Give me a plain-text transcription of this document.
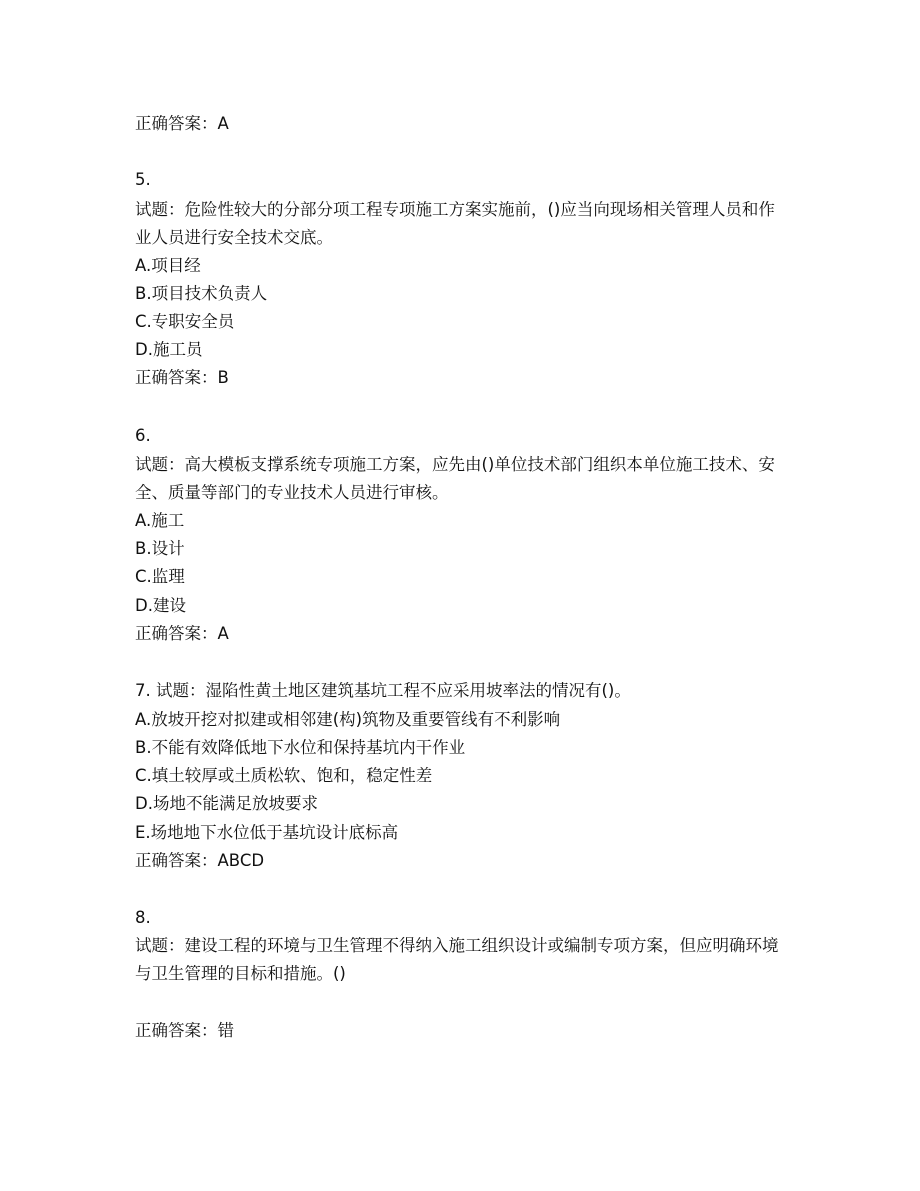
正确答案：A
5.
试题：危险性较大的分部分项工程专项施工方案实施前，()应当向现场相关管理人员和作
业人员进行安全技术交底。
A.项目经
B.项目技术负责人
C.专职安全员
D.施工员
正确答案：B
6.
试题：高大模板支撑系统专项施工方案，应先由()单位技术部门组织本单位施工技术、安
全、质量等部门的专业技术人员进行审核。
A.施工
B.设计
C.监理
D.建设
正确答案：A
7. 试题：湿陷性黄土地区建筑基坑工程不应采用坡率法的情况有()。
A.放坡开挖对拟建或相邻建(构)筑物及重要管线有不利影响
B.不能有效降低地下水位和保持基坑内干作业
C.填土较厚或土质松软、饱和，稳定性差
D.场地不能满足放坡要求
E.场地地下水位低于基坑设计底标高
正确答案：ABCD
8.
试题：建设工程的环境与卫生管理不得纳入施工组织设计或编制专项方案，但应明确环境
与卫生管理的目标和措施。()
正确答案：错
